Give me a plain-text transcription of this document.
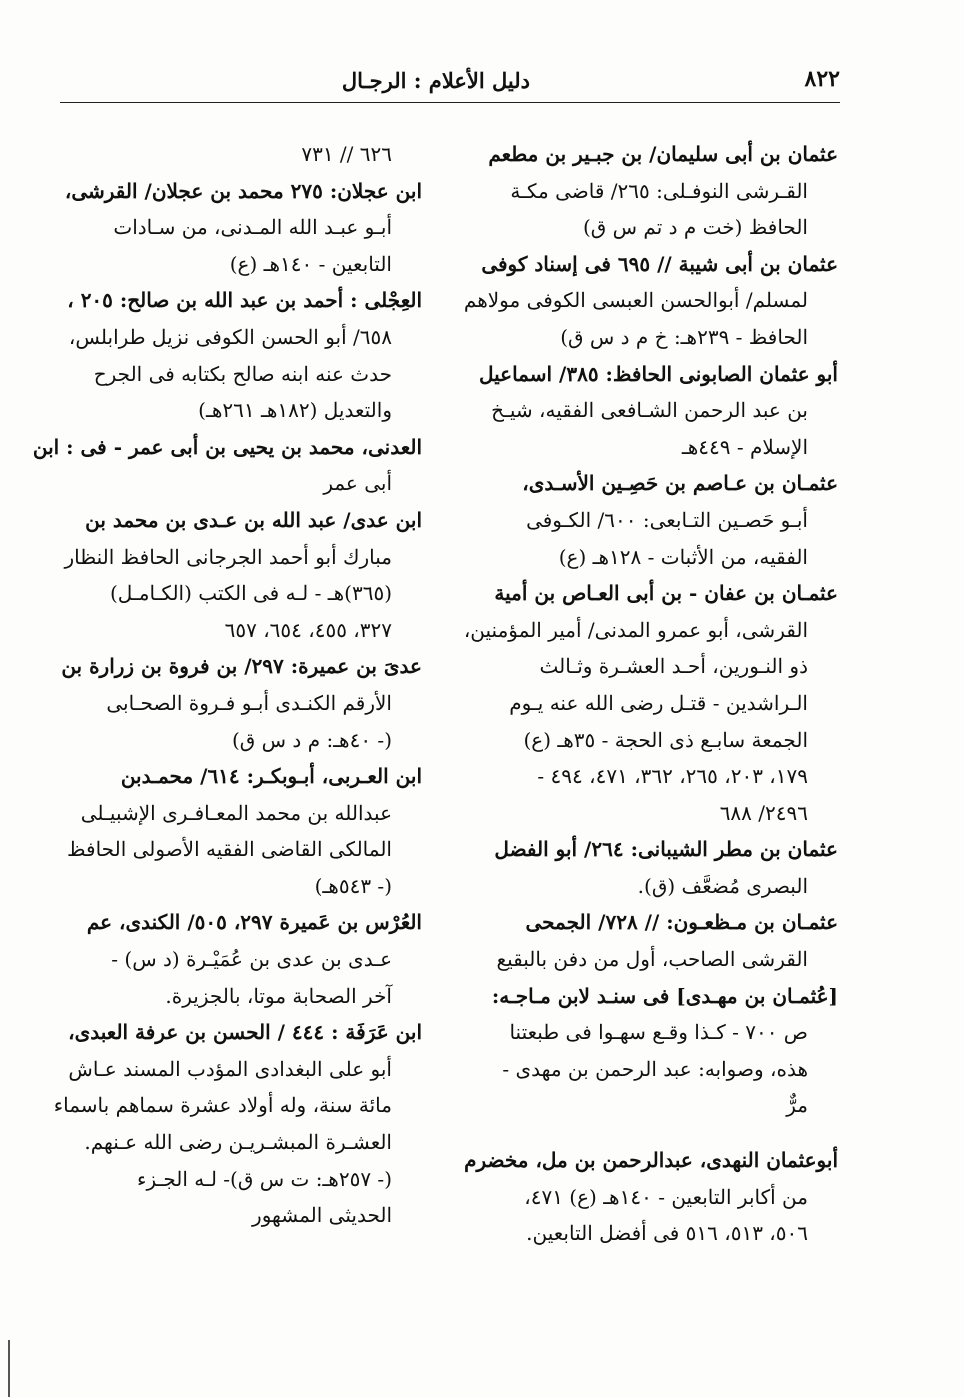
٨٢٢
دليل الأعلام : الرجـال
عثمان بن أبى سليمان/ بن جبـير بن مطعم
القـرشى النوفـلى: ٢٦٥/ قاضى مكـة
الحافظ (خت م د تم س ق)
عثمان بن أبى شيبة // ٦٩٥ فى إسناد كوفى
لمسلم/ أبوالحسن العبسى الكوفى مولاهم
الحافظ - ٢٣٩هـ: خ م د س ق)
أبو عثمان الصابونى الحافظ: ٣٨٥/ اسماعيل
بن عبد الرحمن الشـافعى الفقيه، شيـخ
الإسلام - ٤٤٩هـ
عثمـان بن عـاصم بن حَصِـين الأسـدى،
أبـو حَصـين التـابعى: ٦٠٠/ الكـوفى
الفقيه، من الأثبات - ١٢٨هـ (ع)
عثمـان بن عفان - بن أبى العـاص بن أمية
القرشى، أبو عمرو المدنى/ أمير المؤمنين،
ذو النـورين، أحـد العشـرة وثـالث
الـراشدين - قتـل رضى الله عنه يـوم
الجمعة سابـع ذى الحجة - ٣٥هـ (ع)
١٧٩، ٢٠٣، ٢٦٥، ٣٦٢، ٤٧١، ٤٩٤ -
٢٤٩٦/ ٦٨٨
عثمان بن مطر الشيبانى: ٢٦٤/ أبو الفضل
البصرى مُضعَّف (ق).
عثمـان بن مـظعـون: // ٧٢٨/ الجمحى
القرشى الصاحب، أول من دفن بالبقيع
[عُثمـان بن مهـدى] فى سنـد لابن مـاجـه:
ص ٧٠٠ - كـذا وقـع سهـوا فى طبعتنا
هذه، وصوابه: عبد الرحمن بن مهدى -
مرٌّ
أبوعثمان النهدى، عبدالرحمن بن مل، مخضرم
من أكابر التابعين - ١٤٠هـ (ع) ٤٧١،
٥٠٦، ٥١٣، ٥١٦ فى أفضل التابعين.
٦٢٦ // ٧٣١
ابن عجلان: ٢٧٥ محمد بن عجلان/ القرشى،
أبـو عبـد الله المـدنى، من سـادات
التابعين - ١٤٠هـ (ع)
العِجْلى : أحمد بن عبد الله بن صالح: ٢٠٥ ،
٦٥٨/ أبو الحسن الكوفى نزيل طرابلس،
حدث عنه ابنه صالح بكتابه فى الجرح
والتعديل (١٨٢هـ ٢٦١هـ)
العدنى، محمد بن يحيى بن أبى عمر - فى : ابن
أبى عمر
ابن عدى/ عبد الله بن عـدى بن محمد بن
مبارك أبو أحمد الجرجانى الحافظ النظار
(٣٦٥)هـ - لـه فى الكتب (الكـامـل)
٣٢٧، ٤٥٥، ٦٥٤، ٦٥٧
عدىَ بن عميرة: ٢٩٧/ بن فروة بن زرارة بن
الأرقم الكنـدى أبـو فـروة الصحـابى
(- ٤٠هـ: م د س ق)
ابن العـربى، أبـوبكـر: ٦١٤/ محمـدبن
عبدالله بن محمد المعـافـرى الإشبيـلى
المالكى القاضى الفقيه الأصولى الحافظ
(- ٥٤٣هـ)
العُرْس بن عَميرة ٢٩٧، ٥٠٥/ الكندى، عم
عـدى بن عدى بن عُمَيْـرة (د س) -
آخر الصحابة موتا، بالجزيرة.
ابن عَرَفَة : ٤٤٤ / الحسن بن عرفة العبدى،
أبو على البغدادى المؤدب المسند عـاش
مائة سنة، وله أولاد عشرة سماهم باسماء
العشـرة المبشـريـن رضى الله عـنهم.
(- ٢٥٧هـ: ت س ق)- لـه الجـزء
الحديثى المشهور
